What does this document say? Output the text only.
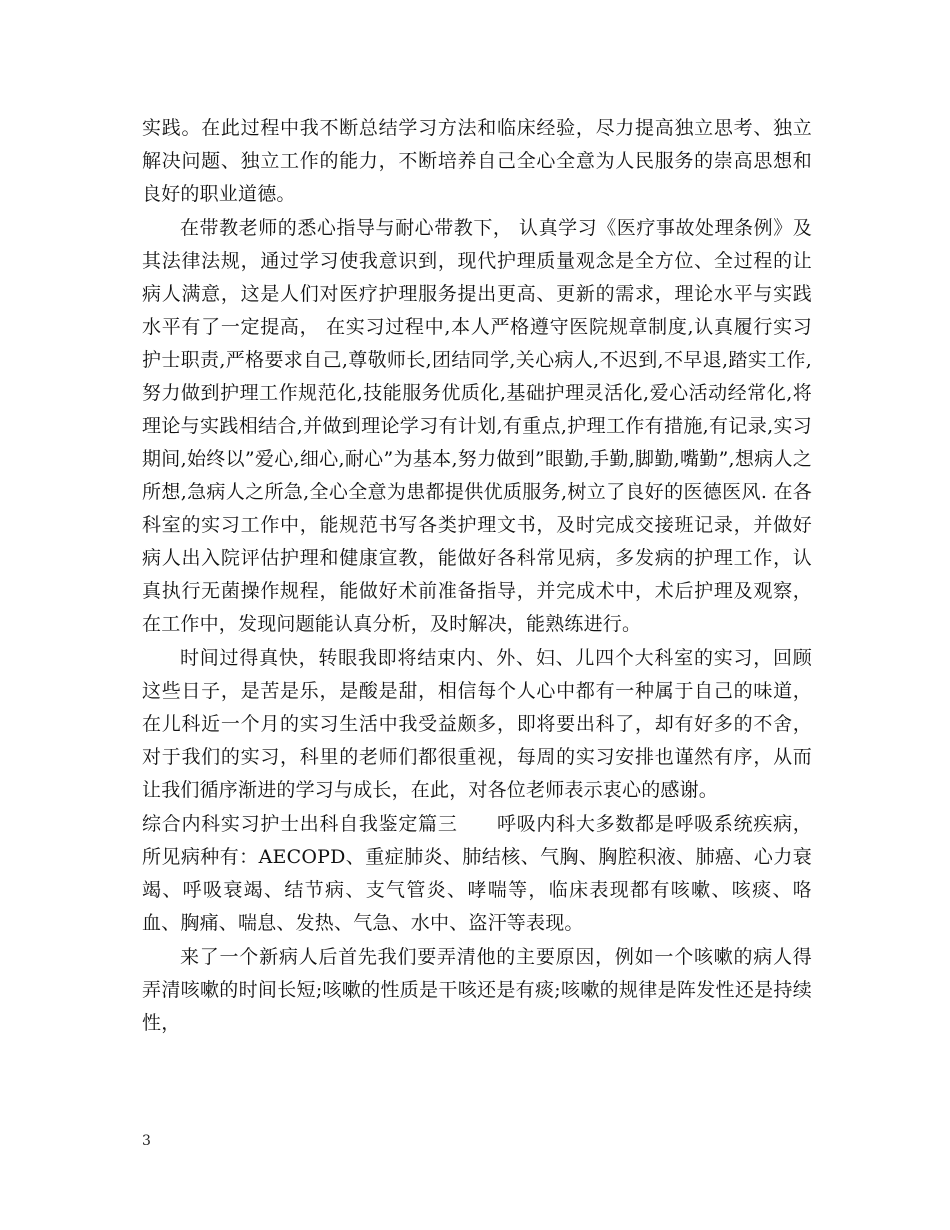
实践。在此过程中我不断总结学习方法和临床经验，尽力提高独立思考、独立解决问题、独立工作的能力，不断培养自己全心全意为人民服务的崇高思想和良好的职业道德。

在带教老师的悉心指导与耐心带教下， 认真学习《医疗事故处理条例》及其法律法规，通过学习使我意识到，现代护理质量观念是全方位、全过程的让病人满意，这是人们对医疗护理服务提出更高、更新的需求，理论水平与实践水平有了一定提高， 在实习过程中,本人严格遵守医院规章制度,认真履行实习护士职责,严格要求自己,尊敬师长,团结同学,关心病人,不迟到,不早退,踏实工作,努力做到护理工作规范化,技能服务优质化,基础护理灵活化,爱心活动经常化,将理论与实践相结合,并做到理论学习有计划,有重点,护理工作有措施,有记录,实习期间,始终以”爱心,细心,耐心”为基本,努力做到”眼勤,手勤,脚勤,嘴勤”,想病人之所想,急病人之所急,全心全意为患都提供优质服务,树立了良好的医德医风. 在各科室的实习工作中，能规范书写各类护理文书，及时完成交接班记录，并做好病人出入院评估护理和健康宣教，能做好各科常见病，多发病的护理工作，认真执行无菌操作规程，能做好术前准备指导，并完成术中，术后护理及观察，在工作中，发现问题能认真分析，及时解决，能熟练进行。

时间过得真快，转眼我即将结束内、外、妇、儿四个大科室的实习，回顾这些日子，是苦是乐，是酸是甜，相信每个人心中都有一种属于自己的味道，在儿科近一个月的实习生活中我受益颇多，即将要出科了，却有好多的不舍，对于我们的实习，科里的老师们都很重视，每周的实习安排也谨然有序，从而让我们循序渐进的学习与成长，在此，对各位老师表示衷心的感谢。

综合内科实习护士出科自我鉴定篇三　　呼吸内科大多数都是呼吸系统疾病，所见病种有：AECOPD、重症肺炎、肺结核、气胸、胸腔积液、肺癌、心力衰竭、呼吸衰竭、结节病、支气管炎、哮喘等，临床表现都有咳嗽、咳痰、咯血、胸痛、喘息、发热、气急、水中、盗汗等表现。

来了一个新病人后首先我们要弄清他的主要原因，例如一个咳嗽的病人得弄清咳嗽的时间长短;咳嗽的性质是干咳还是有痰;咳嗽的规律是阵发性还是持续性，

3
